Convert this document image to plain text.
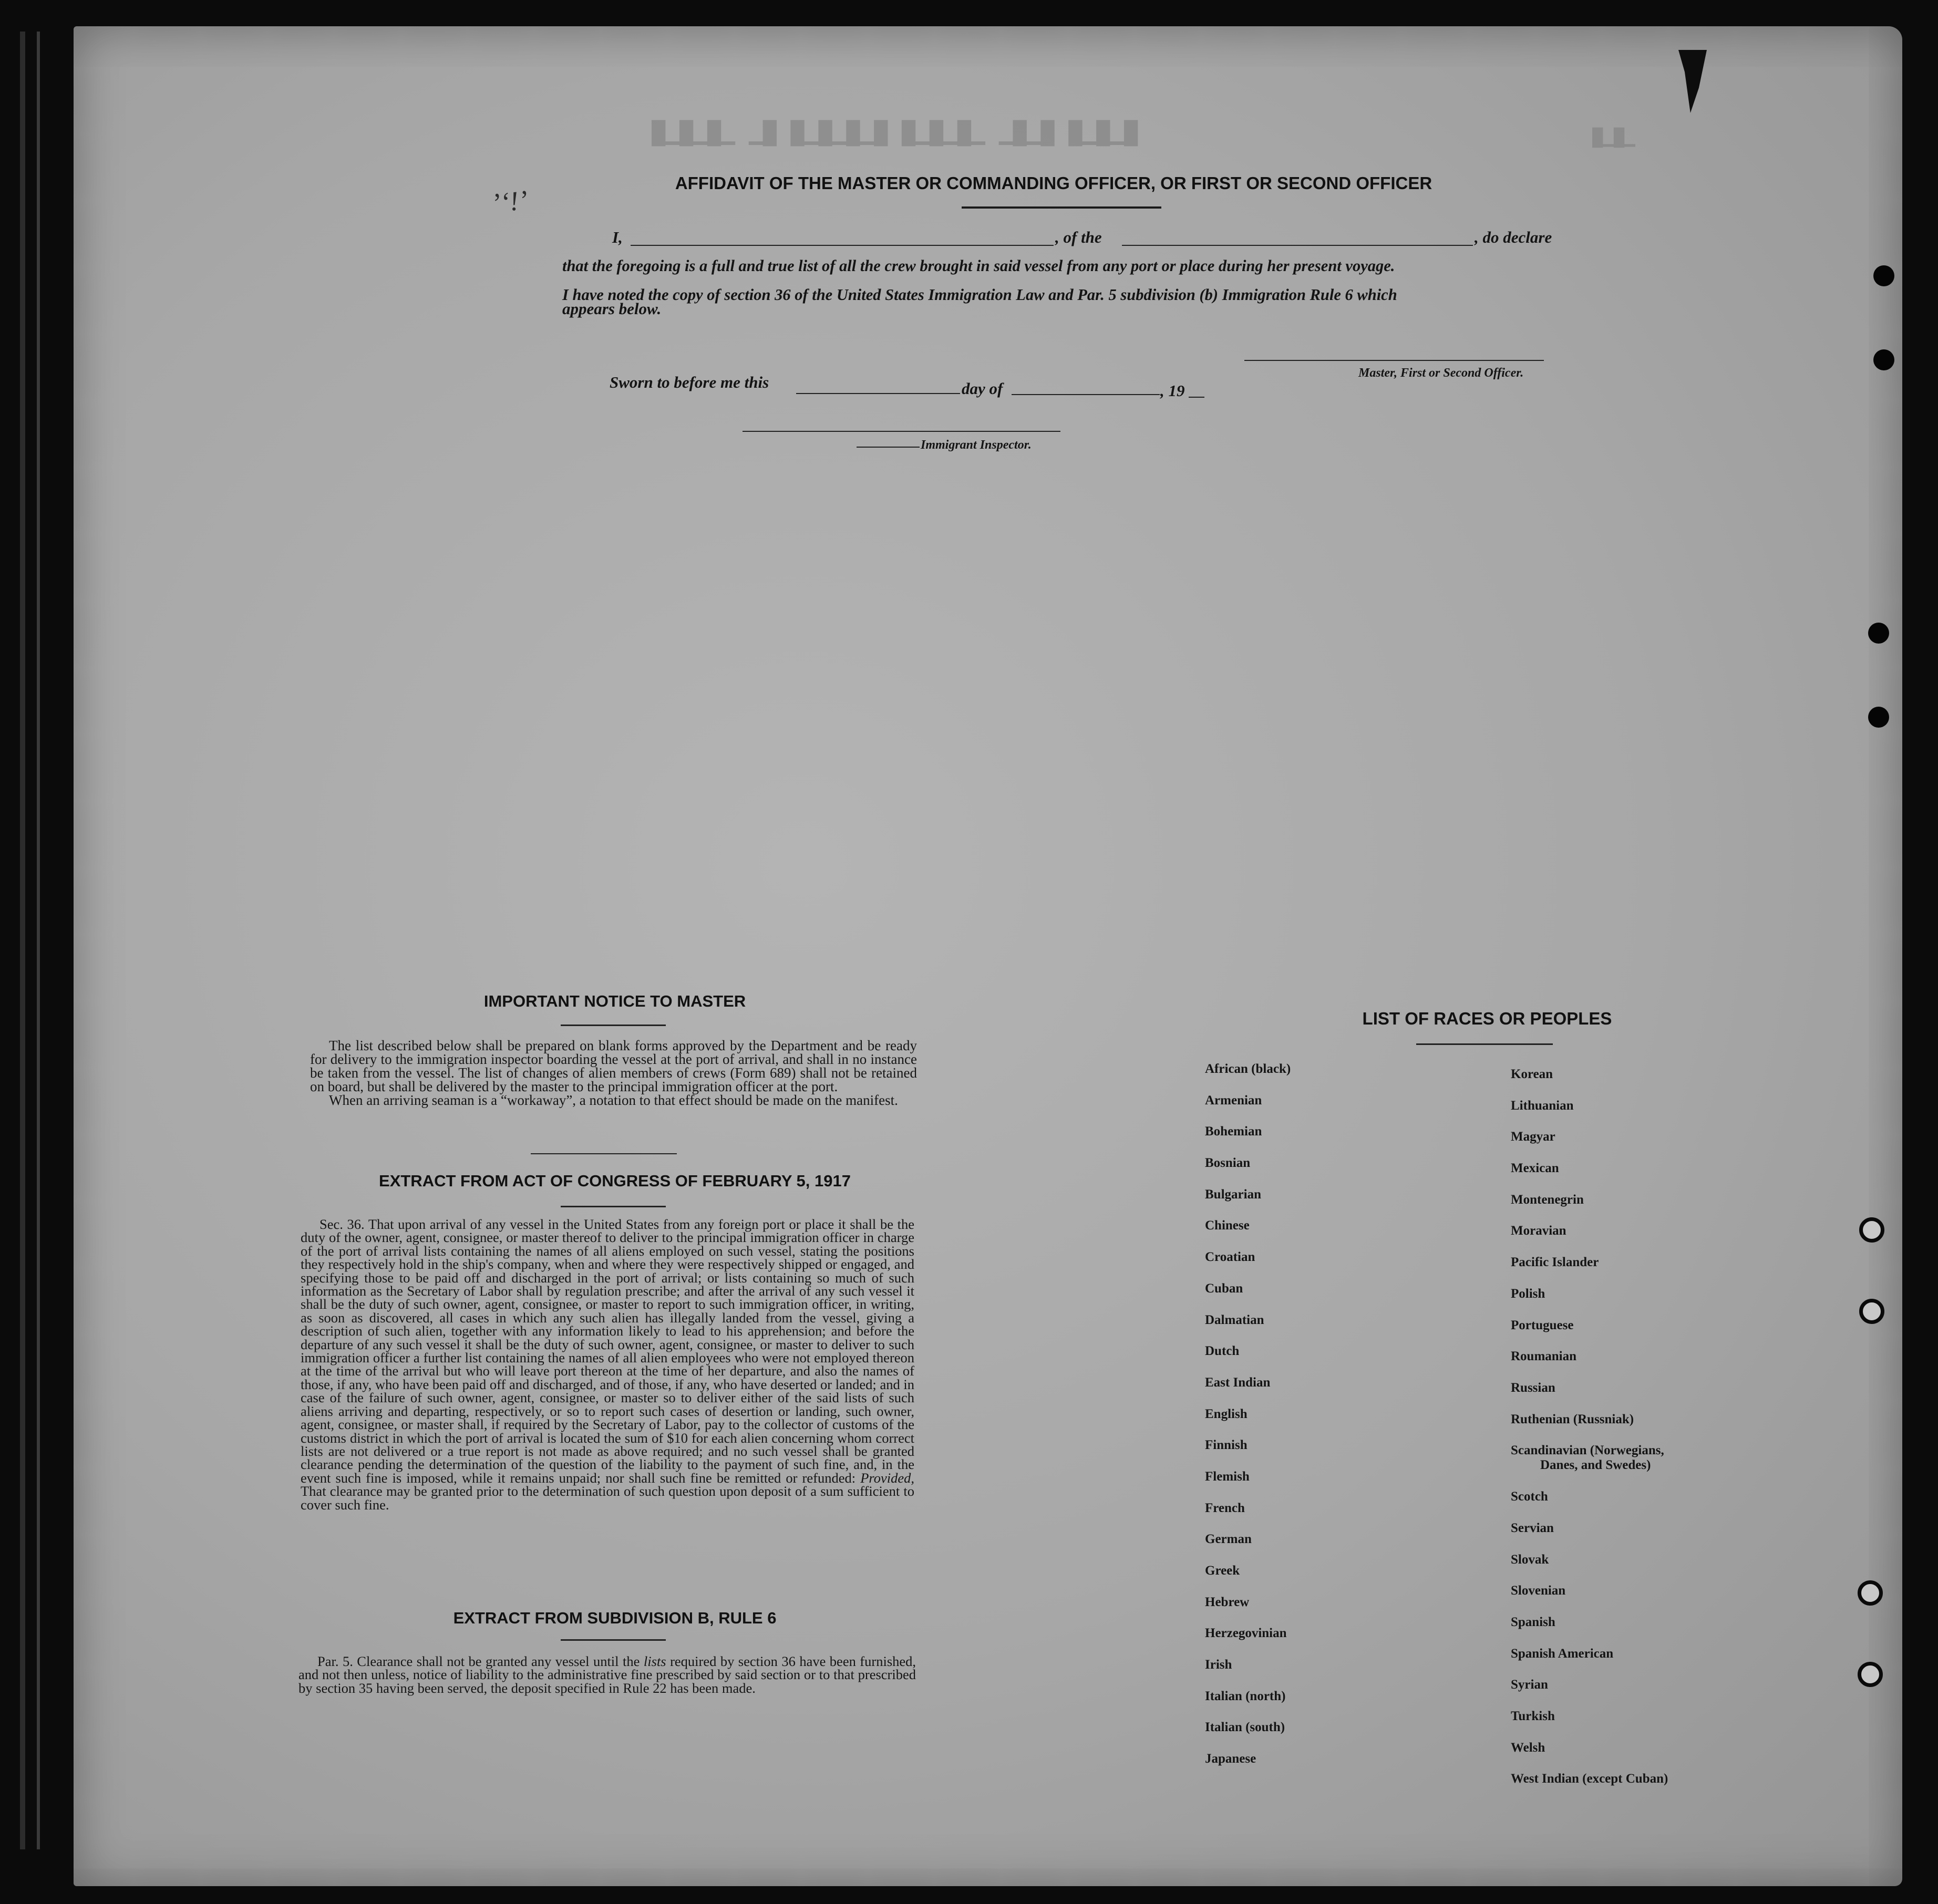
█▁█▁█ █▁█▁ ▁█▁█▁█ █▁█▁█▁█ █▁ ▁█▁█▁█	█▁█▁
’‘!’
AFFIDAVIT OF THE MASTER OR COMMANDING OFFICER, OR FIRST OR SECOND OFFICER
I,	, of the	, do declare
that the foregoing is a full and true list of all the crew brought in said vessel from any port or place during her present voyage.
I have noted the copy of section 36 of the United States Immigration Law and Par. 5 subdivision (b) Immigration Rule 6 which
appears below.
Master, First or Second Officer.
Sworn to before me this	day of	, 19
Immigrant Inspector.
IMPORTANT NOTICE TO MASTER

The list described below shall be prepared on blank forms approved by the Department and be ready for delivery to the immigration inspector boarding the vessel at the port of arrival, and shall in no instance be taken from the vessel. The list of changes of alien members of crews (Form 689) shall not be retained on board, but shall be delivered by the master to the principal immigration officer at the port.

When an arriving seaman is a “workaway”, a notation to that effect should be made on the manifest.

EXTRACT FROM ACT OF CONGRESS OF FEBRUARY 5, 1917

Sec. 36. That upon arrival of any vessel in the United States from any foreign port or place it shall be the duty of the owner, agent, consignee, or master thereof to deliver to the principal immigration officer in charge of the port of arrival lists containing the names of all aliens employed on such vessel, stating the positions they respectively hold in the ship's company, when and where they were respectively shipped or engaged, and specifying those to be paid off and discharged in the port of arrival; or lists containing so much of such information as the Secretary of Labor shall by regulation prescribe; and after the arrival of any such vessel it shall be the duty of such owner, agent, consignee, or master to report to such immigration officer, in writing, as soon as discovered, all cases in which any such alien has illegally landed from the vessel, giving a description of such alien, together with any information likely to lead to his apprehension; and before the departure of any such vessel it shall be the duty of such owner, agent, consignee, or master to deliver to such immigration officer a further list containing the names of all alien employees who were not employed thereon at the time of the arrival but who will leave port thereon at the time of her departure, and also the names of those, if any, who have been paid off and discharged, and of those, if any, who have deserted or landed; and in case of the failure of such owner, agent, consignee, or master so to deliver either of the said lists of such aliens arriving and departing, respectively, or so to report such cases of desertion or landing, such owner, agent, consignee, or master shall, if required by the Secretary of Labor, pay to the collector of customs of the customs district in which the port of arrival is located the sum of $10 for each alien concerning whom correct lists are not delivered or a true report is not made as above required; and no such vessel shall be granted clearance pending the determination of the question of the liability to the payment of such fine, and, in the event such fine is imposed, while it remains unpaid; nor shall such fine be remitted or refunded: Provided, That clearance may be granted prior to the determination of such question upon deposit of a sum sufficient to cover such fine.

EXTRACT FROM SUBDIVISION B, RULE 6

Par. 5. Clearance shall not be granted any vessel until the lists required by section 36 have been furnished, and not then unless, notice of liability to the administrative fine prescribed by said section or to that prescribed by section 35 having been served, the deposit specified in Rule 22 has been made.

LIST OF RACES OR PEOPLES
African (black)
Armenian
Bohemian
Bosnian
Bulgarian
Chinese
Croatian
Cuban
Dalmatian
Dutch
East Indian
English
Finnish
Flemish
French
German
Greek
Hebrew
Herzegovinian
Irish
Italian (north)
Italian (south)
Japanese
Korean
Lithuanian
Magyar
Mexican
Montenegrin
Moravian
Pacific Islander
Polish
Portuguese
Roumanian
Russian
Ruthenian (Russniak)
Scandinavian (Norwegians,
Danes, and Swedes)
Scotch
Servian
Slovak
Slovenian
Spanish
Spanish American
Syrian
Turkish
Welsh
West Indian (except Cuban)
